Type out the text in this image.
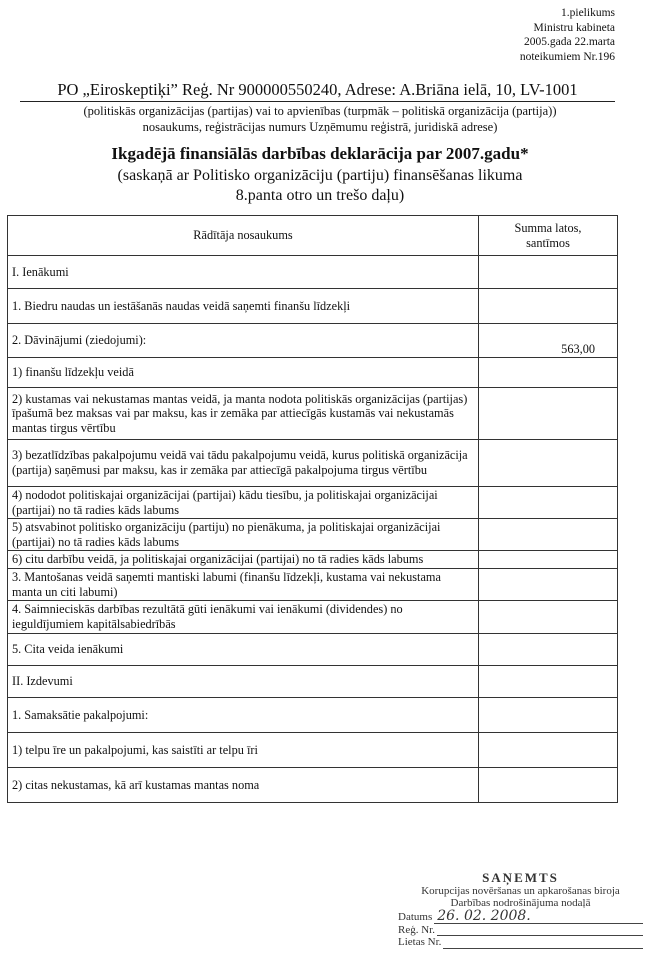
1.pielikums
Ministru kabineta
2005.gada 22.marta
noteikumiem Nr.196
PO „Eiroskeptiķi” Reģ. Nr 900000550240, Adrese: A.Briāna ielā, 10, LV-1001
(politiskās organizācijas (partijas) vai to apvienības (turpmāk – politiskā organizācija (partija))
nosaukums, reģistrācijas numurs Uzņēmumu reģistrā, juridiskā adrese)
Ikgadējā finansiālās darbības deklarācija par 2007.gadu*
(saskaņā ar Politisko organizāciju (partiju) finansēšanas likuma
8.panta otro un trešo daļu)
Rādītāja nosaukums	Summa latos,
santīmos

I. Ienākumi	
1. Biedru naudas un iestāšanās naudas veidā saņemti finanšu līdzekļi	
2. Dāvinājumi (ziedojumi):	563,00
1) finanšu līdzekļu veidā	
2) kustamas vai nekustamas mantas veidā, ja manta nodota politiskās organizācijas (partijas) īpašumā bez maksas vai par maksu, kas ir zemāka par attiecīgās kustamās vai nekustamās mantas tirgus vērtību	
3) bezatlīdzības pakalpojumu veidā vai tādu pakalpojumu veidā, kurus politiskā organizācija (partija) saņēmusi par maksu, kas ir zemāka par attiecīgā pakalpojuma tirgus vērtību	
4) nododot politiskajai organizācijai (partijai) kādu tiesību, ja politiskajai organizācijai (partijai) no tā radies kāds labums	
5) atsvabinot politisko organizāciju (partiju) no pienākuma, ja politiskajai organizācijai (partijai) no tā radies kāds labums	
6) citu darbību veidā, ja politiskajai organizācijai (partijai) no tā radies kāds labums	
3. Mantošanas veidā saņemti mantiski labumi (finanšu līdzekļi, kustama vai nekustama manta un citi labumi)	
4. Saimnieciskās darbības rezultātā gūti ienākumi vai ienākumi (dividendes) no ieguldījumiem kapitālsabiedrībās	
5. Cita veida ienākumi	
II. Izdevumi	
1. Samaksātie pakalpojumi:	
1) telpu īre un pakalpojumi, kas saistīti ar telpu īri	
2) citas nekustamas, kā arī kustamas mantas noma	
SAŅEMTS
Korupcijas novēršanas un apkarošanas biroja
Darbības nodrošinājuma nodaļā
Datums 26. 02. 2008.
Reģ. Nr.
Lietas Nr.
